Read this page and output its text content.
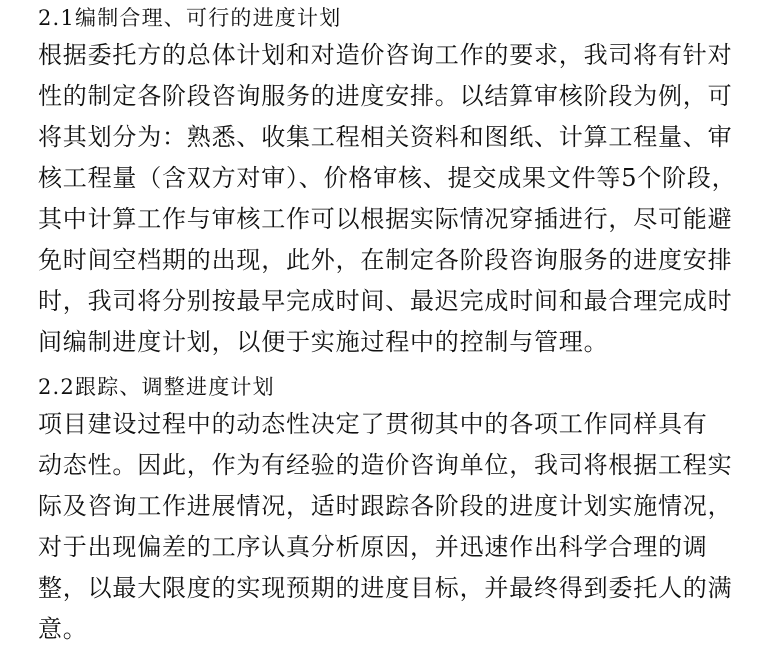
2.1编制合理、可行的进度计划
根据委托方的总体计划和对造价咨询工作的要求，我司将有针对
性的制定各阶段咨询服务的进度安排。以结算审核阶段为例，可
将其划分为：熟悉、收集工程相关资料和图纸、计算工程量、审
核工程量（含双方对审）、价格审核、提交成果文件等5个阶段，
其中计算工作与审核工作可以根据实际情况穿插进行，尽可能避
免时间空档期的出现，此外，在制定各阶段咨询服务的进度安排
时，我司将分别按最早完成时间、最迟完成时间和最合理完成时
间编制进度计划，以便于实施过程中的控制与管理。
2.2跟踪、调整进度计划
项目建设过程中的动态性决定了贯彻其中的各项工作同样具有
动态性。因此，作为有经验的造价咨询单位，我司将根据工程实
际及咨询工作进展情况，适时跟踪各阶段的进度计划实施情况，
对于出现偏差的工序认真分析原因，并迅速作出科学合理的调
整，以最大限度的实现预期的进度目标，并最终得到委托人的满
意。
